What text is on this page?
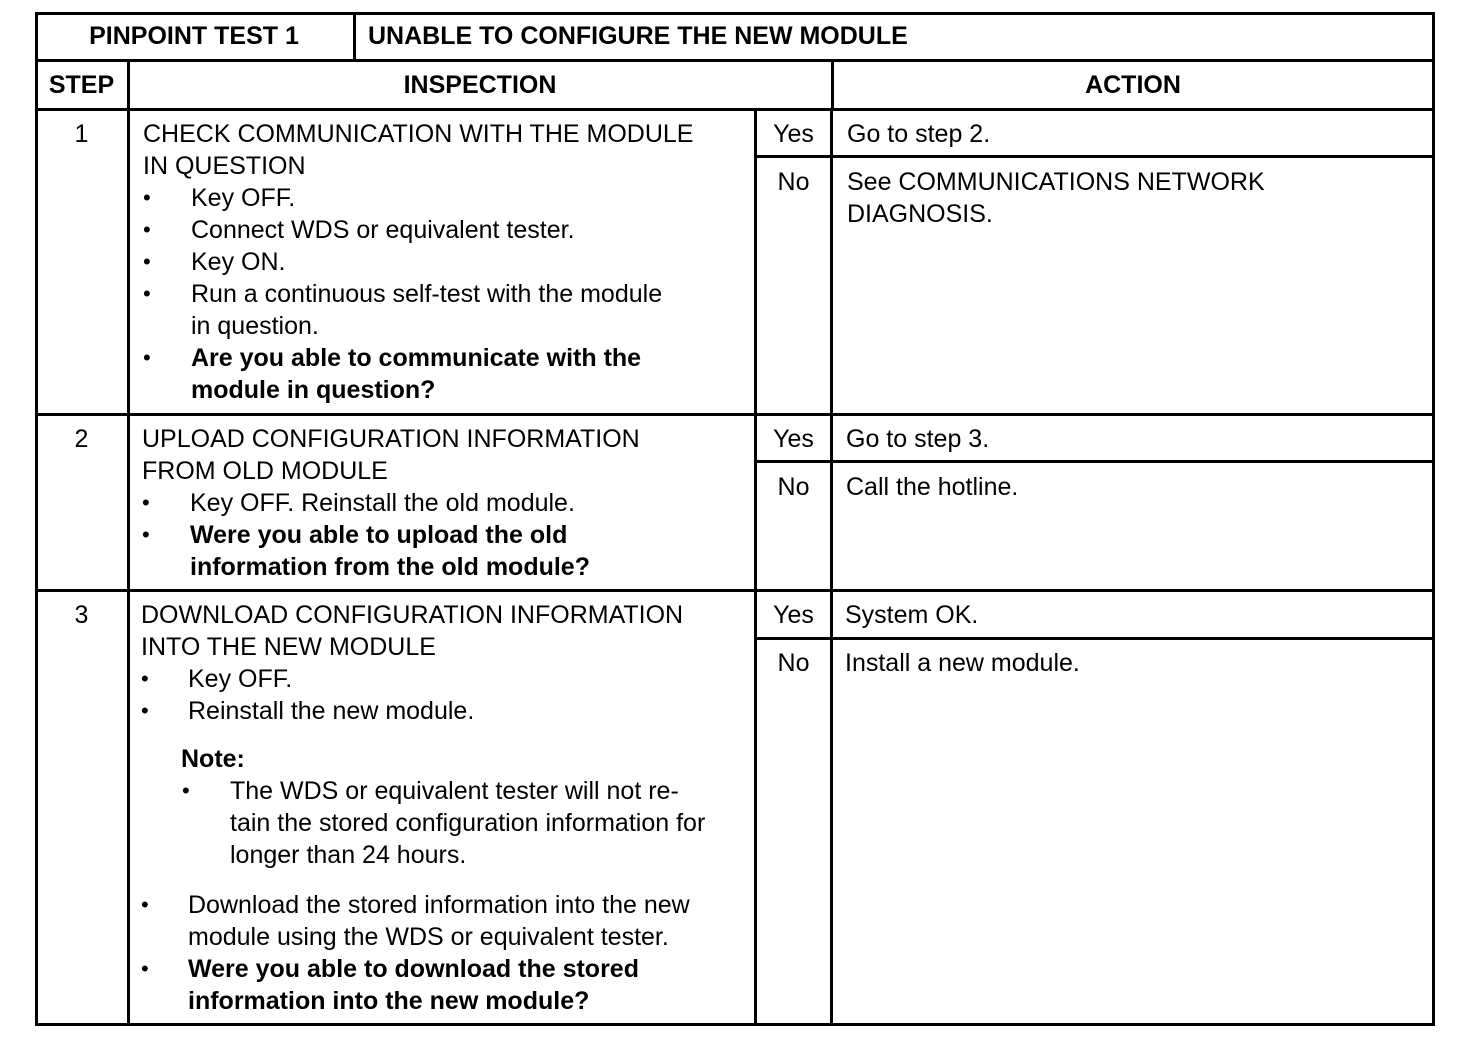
PINPOINT TEST 1	UNABLE TO CONFIGURE THE NEW MODULE
STEP	INSPECTION	ACTION
1	CHECK COMMUNICATION WITH THE MODULE
IN QUESTION
• Key OFF.
• Connect WDS or equivalent tester.
• Key ON.
• Run a continuous self-test with the module
in question.
• Are you able to communicate with the
module in question?
Yes	Go to step 2.
No	See COMMUNICATIONS NETWORK
DIAGNOSIS.
2	UPLOAD CONFIGURATION INFORMATION
FROM OLD MODULE
• Key OFF. Reinstall the old module.
• Were you able to upload the old
information from the old module?
Yes	Go to step 3.
No	Call the hotline.
3	DOWNLOAD CONFIGURATION INFORMATION
INTO THE NEW MODULE
• Key OFF.
• Reinstall the new module.
Note:
• The WDS or equivalent tester will not re-
tain the stored configuration information for
longer than 24 hours.
• Download the stored information into the new
module using the WDS or equivalent tester.
• Were you able to download the stored
information into the new module?
Yes	System OK.
No	Install a new module.
